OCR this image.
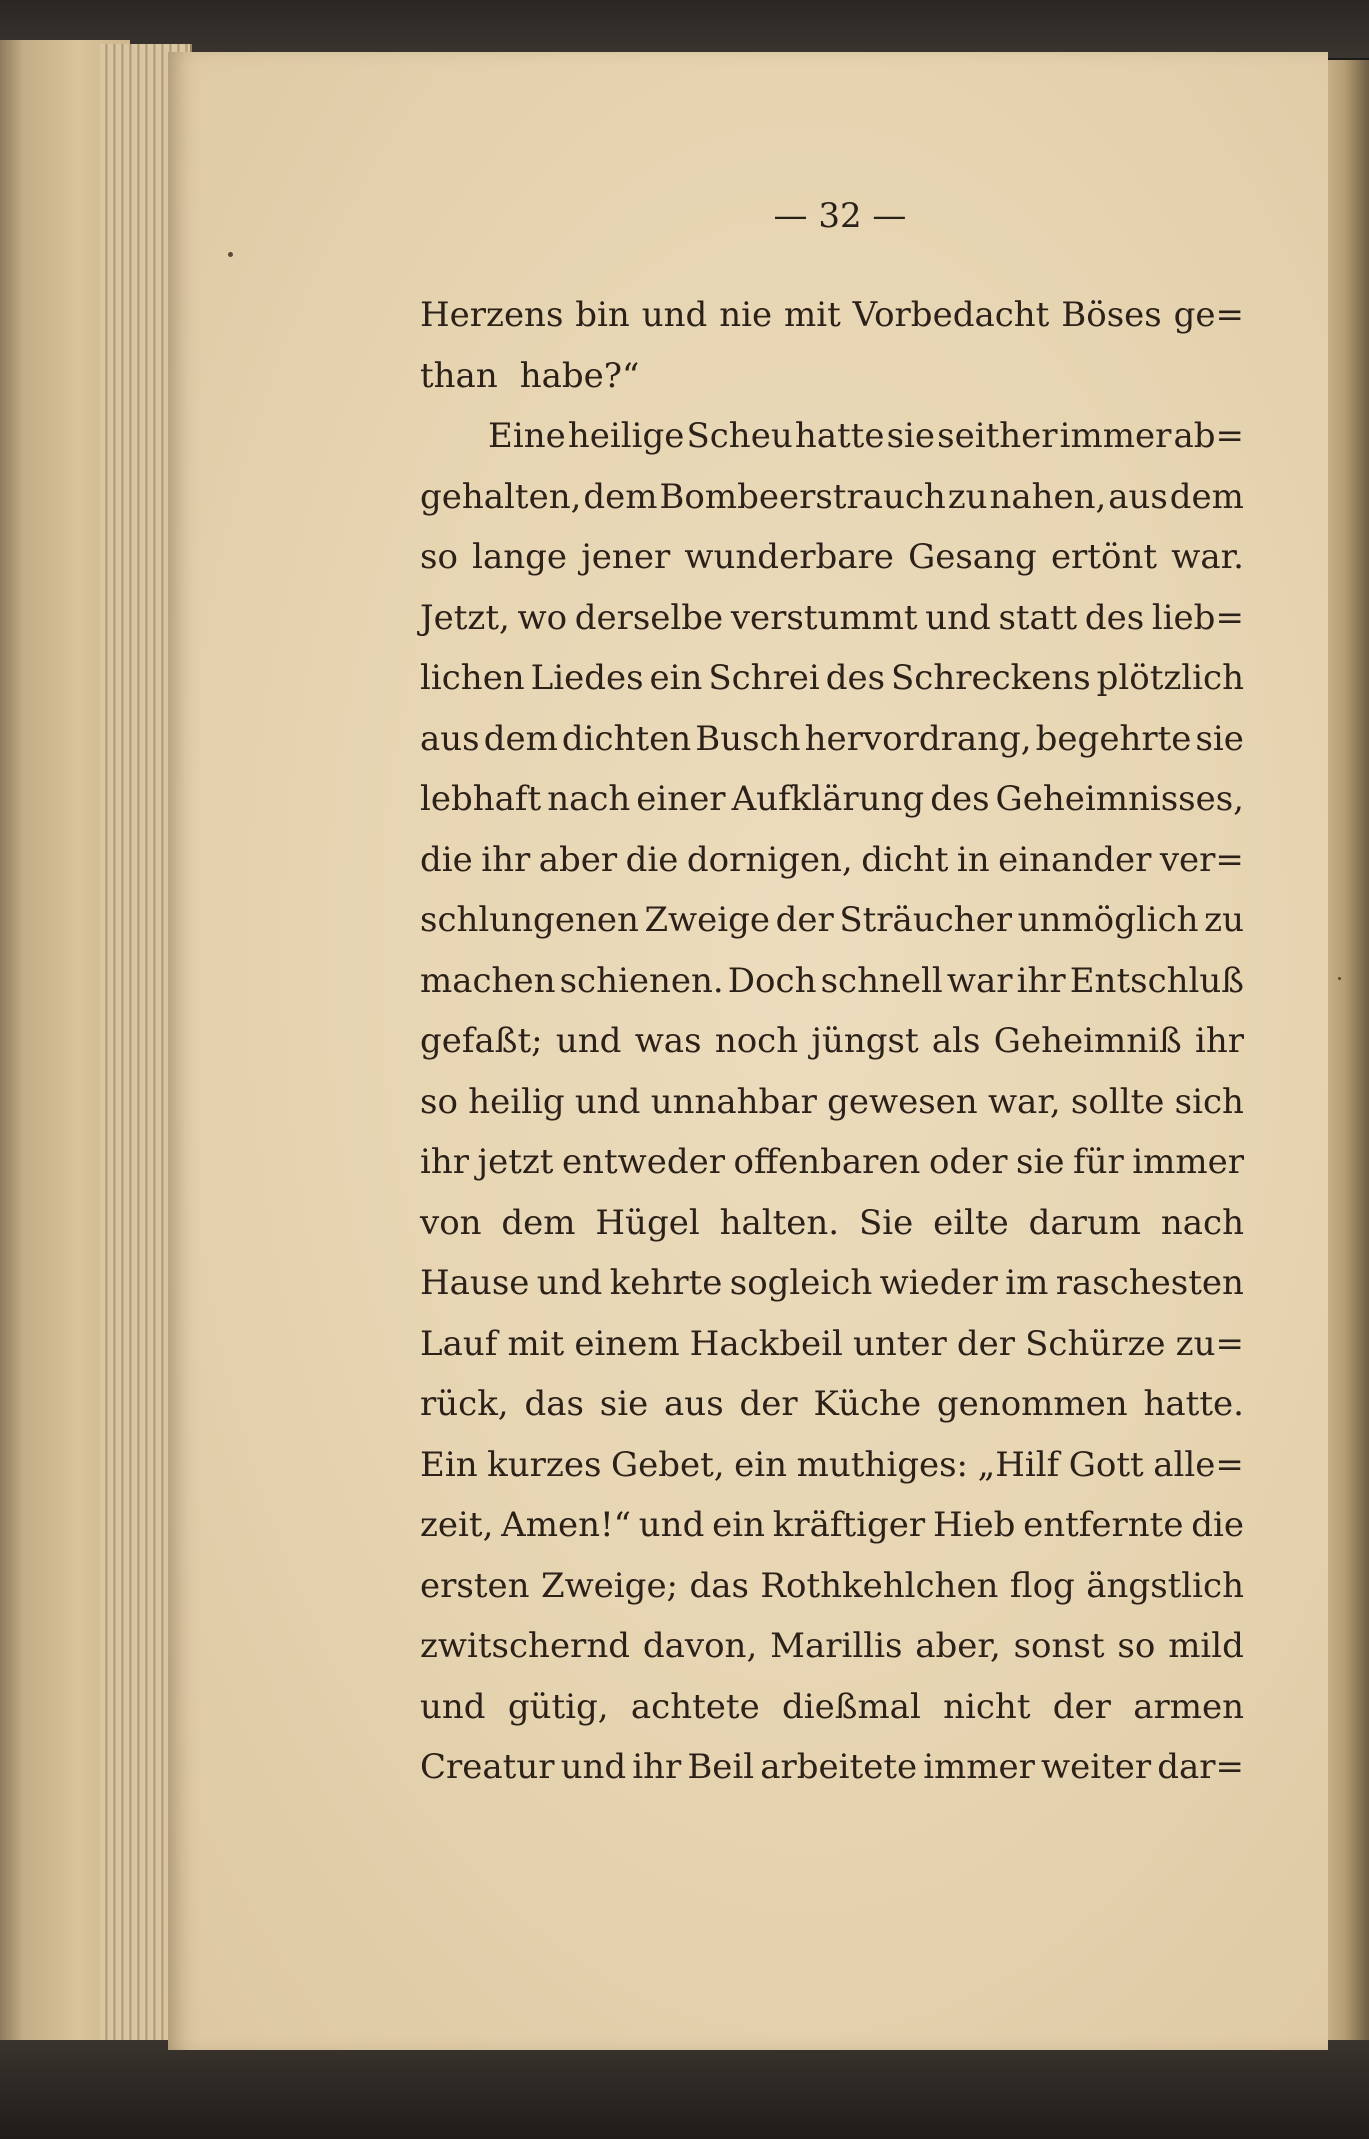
— 32 —
Herzens bin und nie mit Vorbedacht Böses ge=
than habe?“
Eine heilige Scheu hatte sie seither immer ab=
gehalten, dem Bombeerstrauch zu nahen, aus dem
so lange jener wunderbare Gesang ertönt war.
Jetzt, wo derselbe verstummt und statt des lieb=
lichen Liedes ein Schrei des Schreckens plötzlich
aus dem dichten Busch hervordrang, begehrte sie
lebhaft nach einer Aufklärung des Geheimnisses,
die ihr aber die dornigen, dicht in einander ver=
schlungenen Zweige der Sträucher unmöglich zu
machen schienen. Doch schnell war ihr Entschluß
gefaßt; und was noch jüngst als Geheimniß ihr
so heilig und unnahbar gewesen war, sollte sich
ihr jetzt entweder offenbaren oder sie für immer
von dem Hügel halten. Sie eilte darum nach
Hause und kehrte sogleich wieder im raschesten
Lauf mit einem Hackbeil unter der Schürze zu=
rück, das sie aus der Küche genommen hatte.
Ein kurzes Gebet, ein muthiges: „Hilf Gott alle=
zeit, Amen!“ und ein kräftiger Hieb entfernte die
ersten Zweige; das Rothkehlchen flog ängstlich
zwitschernd davon, Marillis aber, sonst so mild
und gütig, achtete dießmal nicht der armen
Creatur und ihr Beil arbeitete immer weiter dar=
